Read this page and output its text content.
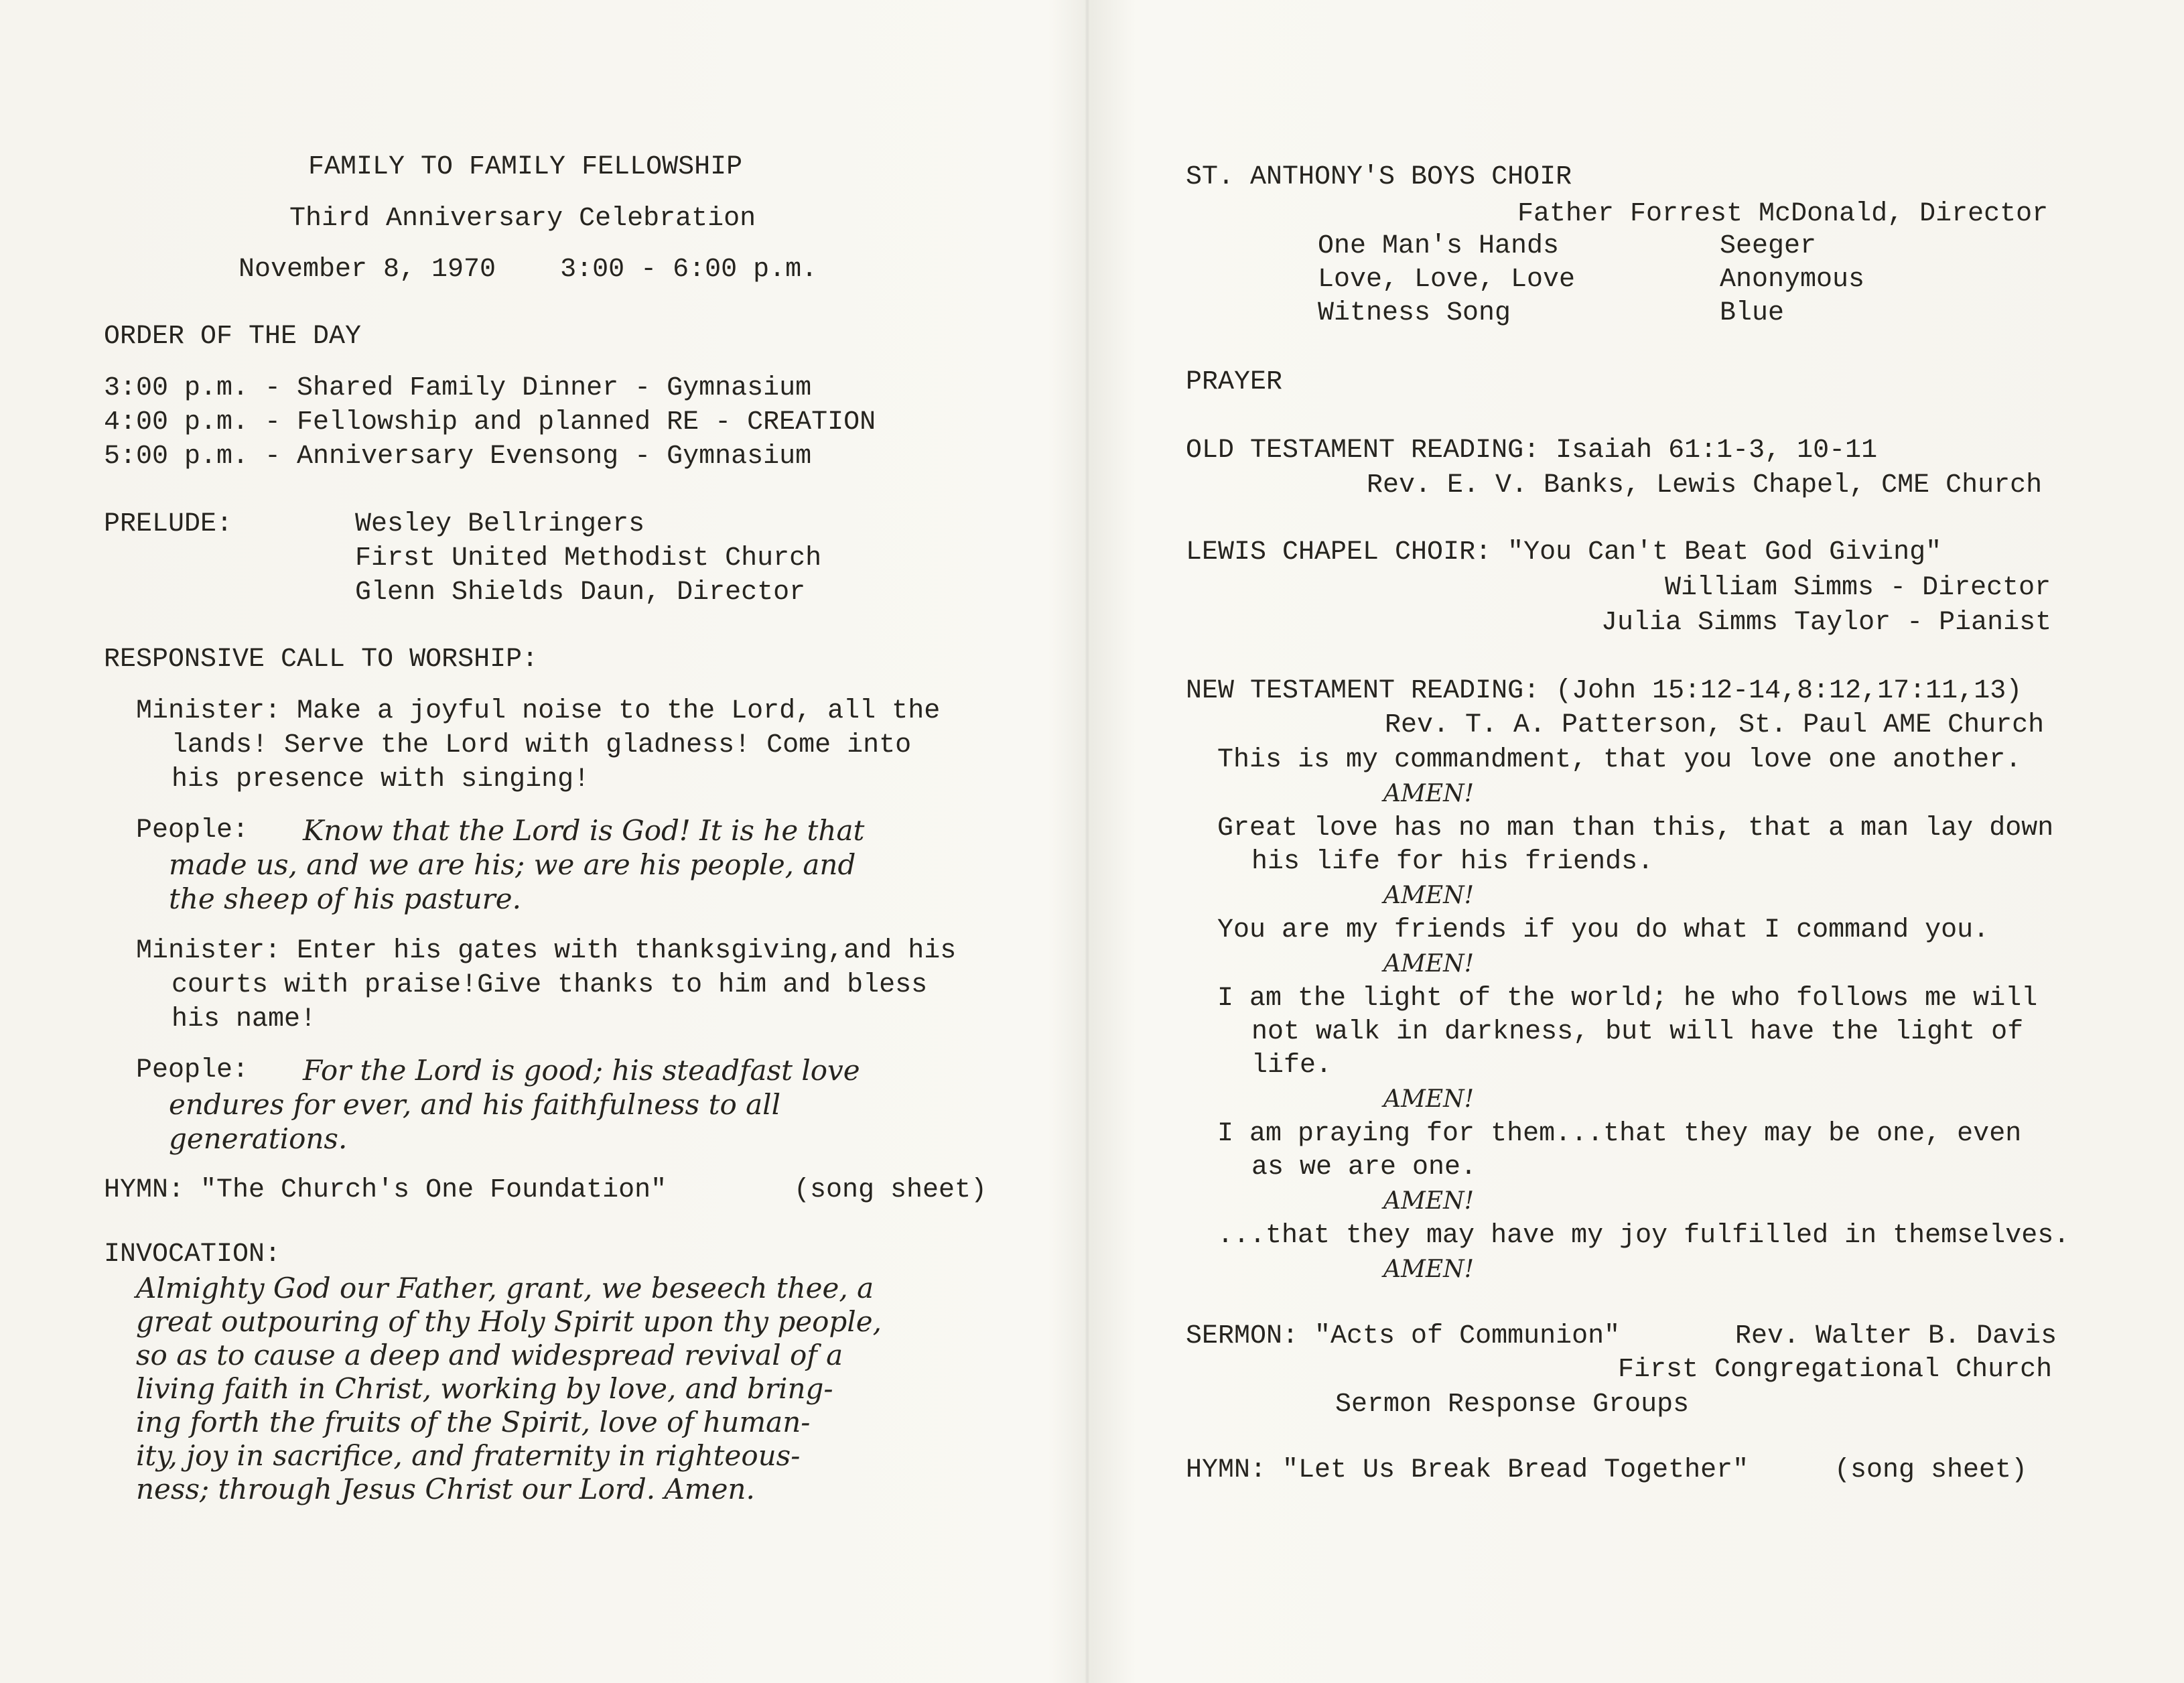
FAMILY TO FAMILY FELLOWSHIP
Third Anniversary Celebration
November 8, 1970    3:00 - 6:00 p.m.
ORDER OF THE DAY
3:00 p.m. - Shared Family Dinner - Gymnasium
4:00 p.m. - Fellowship and planned RE - CREATION
5:00 p.m. - Anniversary Evensong - Gymnasium
PRELUDE:	Wesley Bellringers
First United Methodist Church
Glenn Shields Daun, Director
RESPONSIVE CALL TO WORSHIP:
Minister: Make a joyful noise to the Lord, all the
lands! Serve the Lord with gladness! Come into
his presence with singing!
People: Know that the Lord is God! It is he that
made us, and we are his; we are his people, and
the sheep of his pasture.
Minister: Enter his gates with thanksgiving,and his
courts with praise!Give thanks to him and bless
his name!
People: For the Lord is good; his steadfast love
endures for ever, and his faithfulness to all
generations.
HYMN: "The Church's One Foundation"	(song sheet)
INVOCATION:
Almighty God our Father, grant, we beseech thee, a
great outpouring of thy Holy Spirit upon thy people,
so as to cause a deep and widespread revival of a
living faith in Christ, working by love, and bring-
ing forth the fruits of the Spirit, love of human-
ity, joy in sacrifice, and fraternity in righteous-
ness; through Jesus Christ our Lord. Amen.
ST. ANTHONY'S BOYS CHOIR
Father Forrest McDonald, Director
One Man's Hands	Seeger
Love, Love, Love	Anonymous
Witness Song	Blue
PRAYER
OLD TESTAMENT READING: Isaiah 61:1-3, 10-11
Rev. E. V. Banks, Lewis Chapel, CME Church
LEWIS CHAPEL CHOIR: "You Can't Beat God Giving"
William Simms - Director
Julia Simms Taylor - Pianist
NEW TESTAMENT READING: (John 15:12-14,8:12,17:11,13)
Rev. T. A. Patterson, St. Paul AME Church
This is my commandment, that you love one another.
AMEN!
Great love has no man than this, that a man lay down
his life for his friends.
AMEN!
You are my friends if you do what I command you.
AMEN!
I am the light of the world; he who follows me will
not walk in darkness, but will have the light of
life.
AMEN!
I am praying for them...that they may be one, even
as we are one.
AMEN!
...that they may have my joy fulfilled in themselves.
AMEN!
SERMON: "Acts of Communion"	Rev. Walter B. Davis
First Congregational Church
Sermon Response Groups
HYMN: "Let Us Break Bread Together"	(song sheet)
